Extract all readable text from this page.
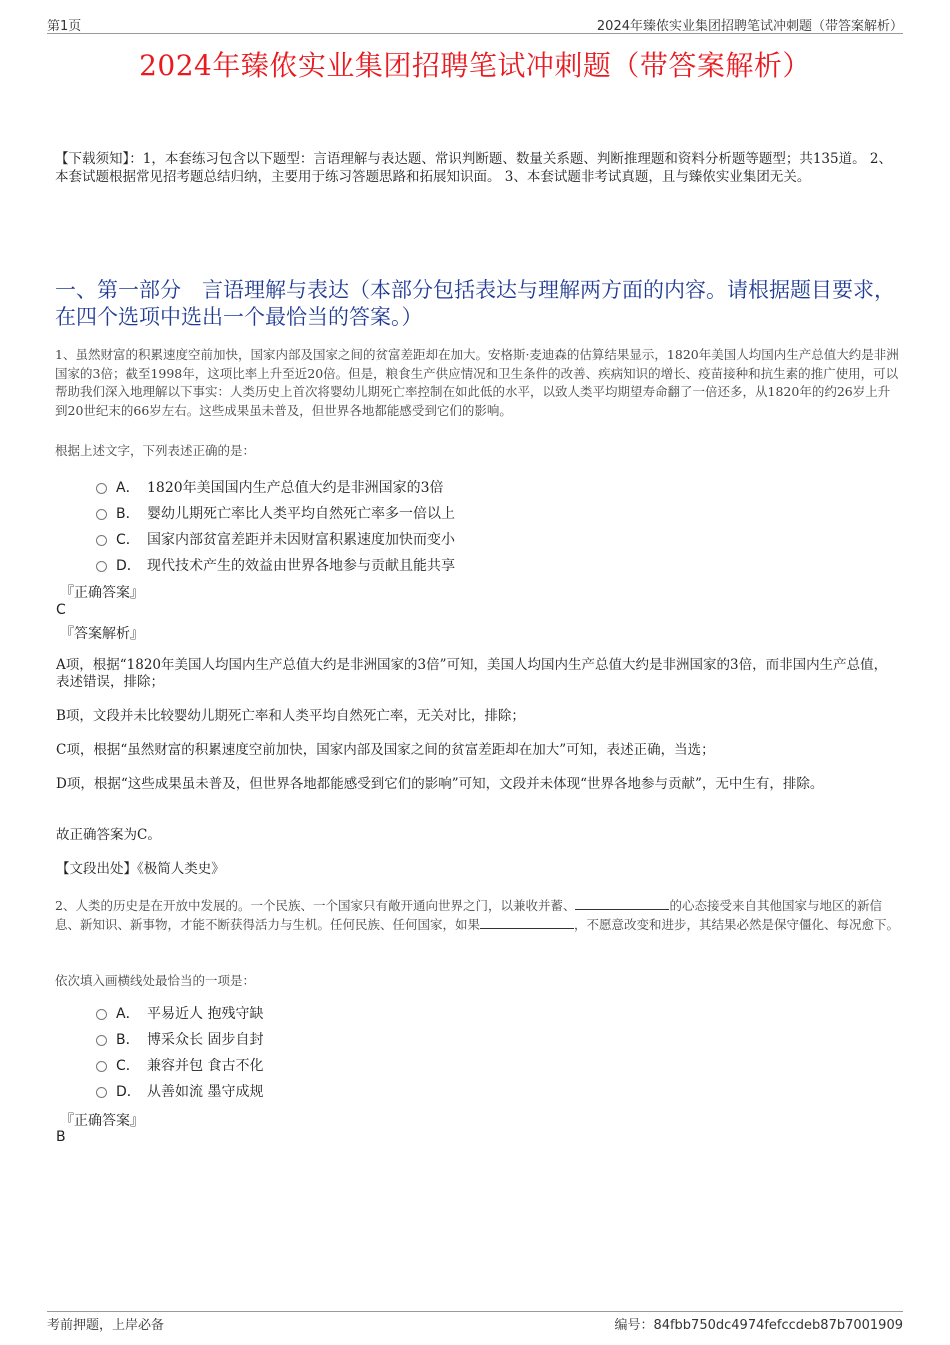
第1页	2024年臻侬实业集团招聘笔试冲刺题（带答案解析）
2024年臻侬实业集团招聘笔试冲刺题（带答案解析）
【下载须知】：1，本套练习包含以下题型：言语理解与表达题、常识判断题、数量关系题、判断推理题和资料分析题等题型；共135道。 2、本套试题根据常见招考题总结归纳，主要用于练习答题思路和拓展知识面。 3、本套试题非考试真题，且与臻侬实业集团无关。
一、第一部分　言语理解与表达（本部分包括表达与理解两方面的内容。请根据题目要求，在四个选项中选出一个最恰当的答案。）
1、虽然财富的积累速度空前加快，国家内部及国家之间的贫富差距却在加大。安格斯·麦迪森的估算结果显示，1820年美国人均国内生产总值大约是非洲国家的3倍；截至1998年，这项比率上升至近20倍。但是，粮食生产供应情况和卫生条件的改善、疾病知识的增长、疫苗接种和抗生素的推广使用，可以帮助我们深入地理解以下事实：人类历史上首次将婴幼儿期死亡率控制在如此低的水平，以致人类平均期望寿命翻了一倍还多，从1820年的约26岁上升到20世纪末的66岁左右。这些成果虽未普及，但世界各地都能感受到它们的影响。
根据上述文字，下列表述正确的是：
A． 1820年美国国内生产总值大约是非洲国家的3倍
B． 婴幼儿期死亡率比人类平均自然死亡率多一倍以上
C． 国家内部贫富差距并未因财富积累速度加快而变小
D． 现代技术产生的效益由世界各地参与贡献且能共享
『正确答案』
C
『答案解析』
A项，根据“1820年美国人均国内生产总值大约是非洲国家的3倍”可知，美国人均国内生产总值大约是非洲国家的3倍，而非国内生产总值，表述错误，排除；
B项，文段并未比较婴幼儿期死亡率和人类平均自然死亡率，无关对比，排除；
C项，根据“虽然财富的积累速度空前加快，国家内部及国家之间的贫富差距却在加大”可知，表述正确，当选；
D项，根据“这些成果虽未普及，但世界各地都能感受到它们的影响”可知，文段并未体现“世界各地参与贡献”，无中生有，排除。
故正确答案为C。
【文段出处】《极简人类史》
2、人类的历史是在开放中发展的。一个民族、一个国家只有敞开通向世界之门，以兼收并蓄、	的心态接受来自其他国家与地区的新信息、新知识、新事物，才能不断获得活力与生机。任何民族、任何国家，如果	，不愿意改变和进步，其结果必然是保守僵化、每况愈下。
依次填入画横线处最恰当的一项是：
A． 平易近人 抱残守缺
B． 博采众长 固步自封
C． 兼容并包 食古不化
D． 从善如流 墨守成规
『正确答案』
B
考前押题，上岸必备	编号：84fbb750dc4974fefccdeb87b7001909
